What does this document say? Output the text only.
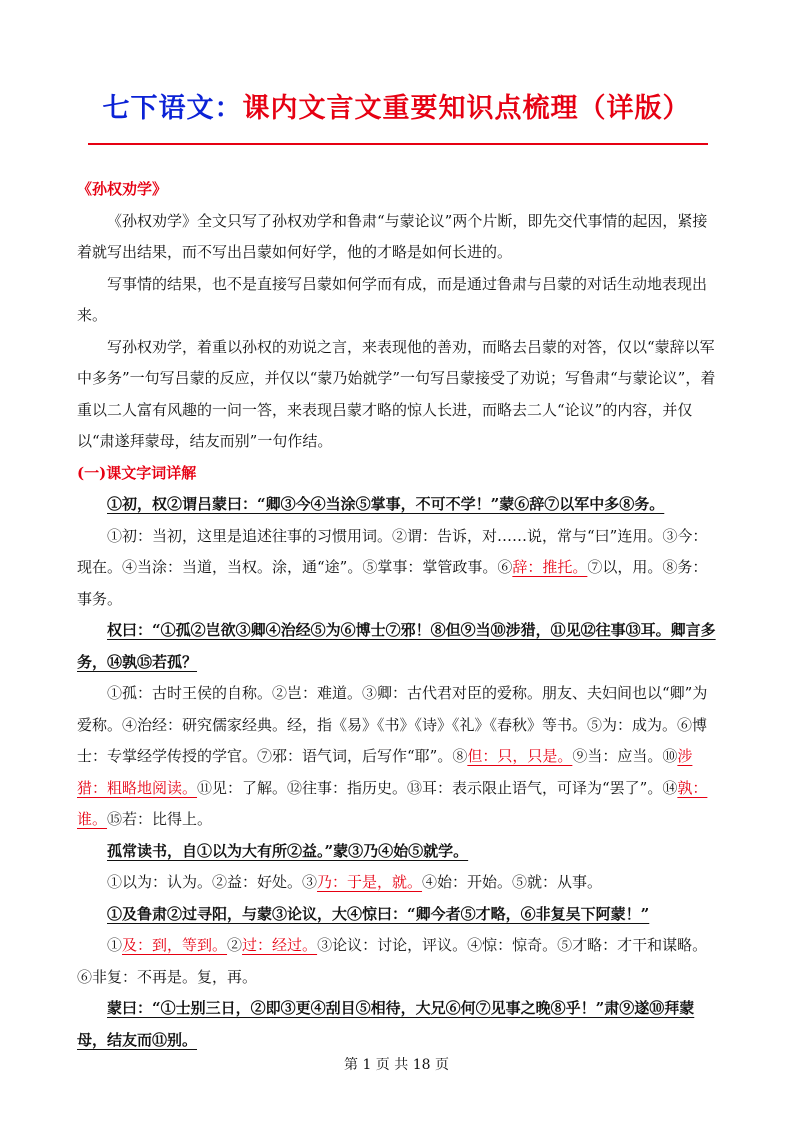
七下语文：课内文言文重要知识点梳理（详版）

《孙权劝学》

《孙权劝学》全文只写了孙权劝学和鲁肃“与蒙论议”两个片断，即先交代事情的起因，紧接着就写出结果，而不写出吕蒙如何好学，他的才略是如何长进的。

写事情的结果，也不是直接写吕蒙如何学而有成，而是通过鲁肃与吕蒙的对话生动地表现出来。

写孙权劝学，着重以孙权的劝说之言，来表现他的善劝，而略去吕蒙的对答，仅以“蒙辞以军中多务”一句写吕蒙的反应，并仅以“蒙乃始就学”一句写吕蒙接受了劝说；写鲁肃“与蒙论议”，着重以二人富有风趣的一问一答，来表现吕蒙才略的惊人长进，而略去二人“论议”的内容，并仅以“肃遂拜蒙母，结友而别”一句作结。

(一)课文字词详解

①初，权②谓吕蒙曰：“卿③今④当涂⑤掌事，不可不学！”蒙⑥辞⑦以军中多⑧务。

①初：当初，这里是追述往事的习惯用词。②谓：告诉，对……说，常与“曰”连用。③今：现在。④当涂：当道，当权。涂，通“途”。⑤掌事：掌管政事。⑥辞：推托。⑦以，用。⑧务：事务。

权曰：“①孤②岂欲③卿④治经⑤为⑥博士⑦邪！⑧但⑨当⑩涉猎，⑪见⑫往事⑬耳。卿言多务，⑭孰⑮若孤？

①孤：古时王侯的自称。②岂：难道。③卿：古代君对臣的爱称。朋友、夫妇间也以“卿”为爱称。④治经：研究儒家经典。经，指《易》《书》《诗》《礼》《春秋》等书。⑤为：成为。⑥博士：专掌经学传授的学官。⑦邪：语气词，后写作“耶”。⑧但：只，只是。⑨当：应当。⑩涉猎：粗略地阅读。⑪见：了解。⑫往事：指历史。⑬耳：表示限止语气，可译为“罢了”。⑭孰：谁。⑮若：比得上。

孤常读书，自①以为大有所②益。”蒙③乃④始⑤就学。

①以为：认为。②益：好处。③乃：于是，就。④始：开始。⑤就：从事。

①及鲁肃②过寻阳，与蒙③论议，大④惊曰：“卿今者⑤才略，⑥非复吴下阿蒙！”

①及：到，等到。②过：经过。③论议：讨论，评议。④惊：惊奇。⑤才略：才干和谋略。⑥非复：不再是。复，再。

蒙曰：“①士别三日，②即③更④刮目⑤相待，大兄⑥何⑦见事之晚⑧乎！”肃⑨遂⑩拜蒙母，结友而⑪别。

第 1 页 共 18 页
